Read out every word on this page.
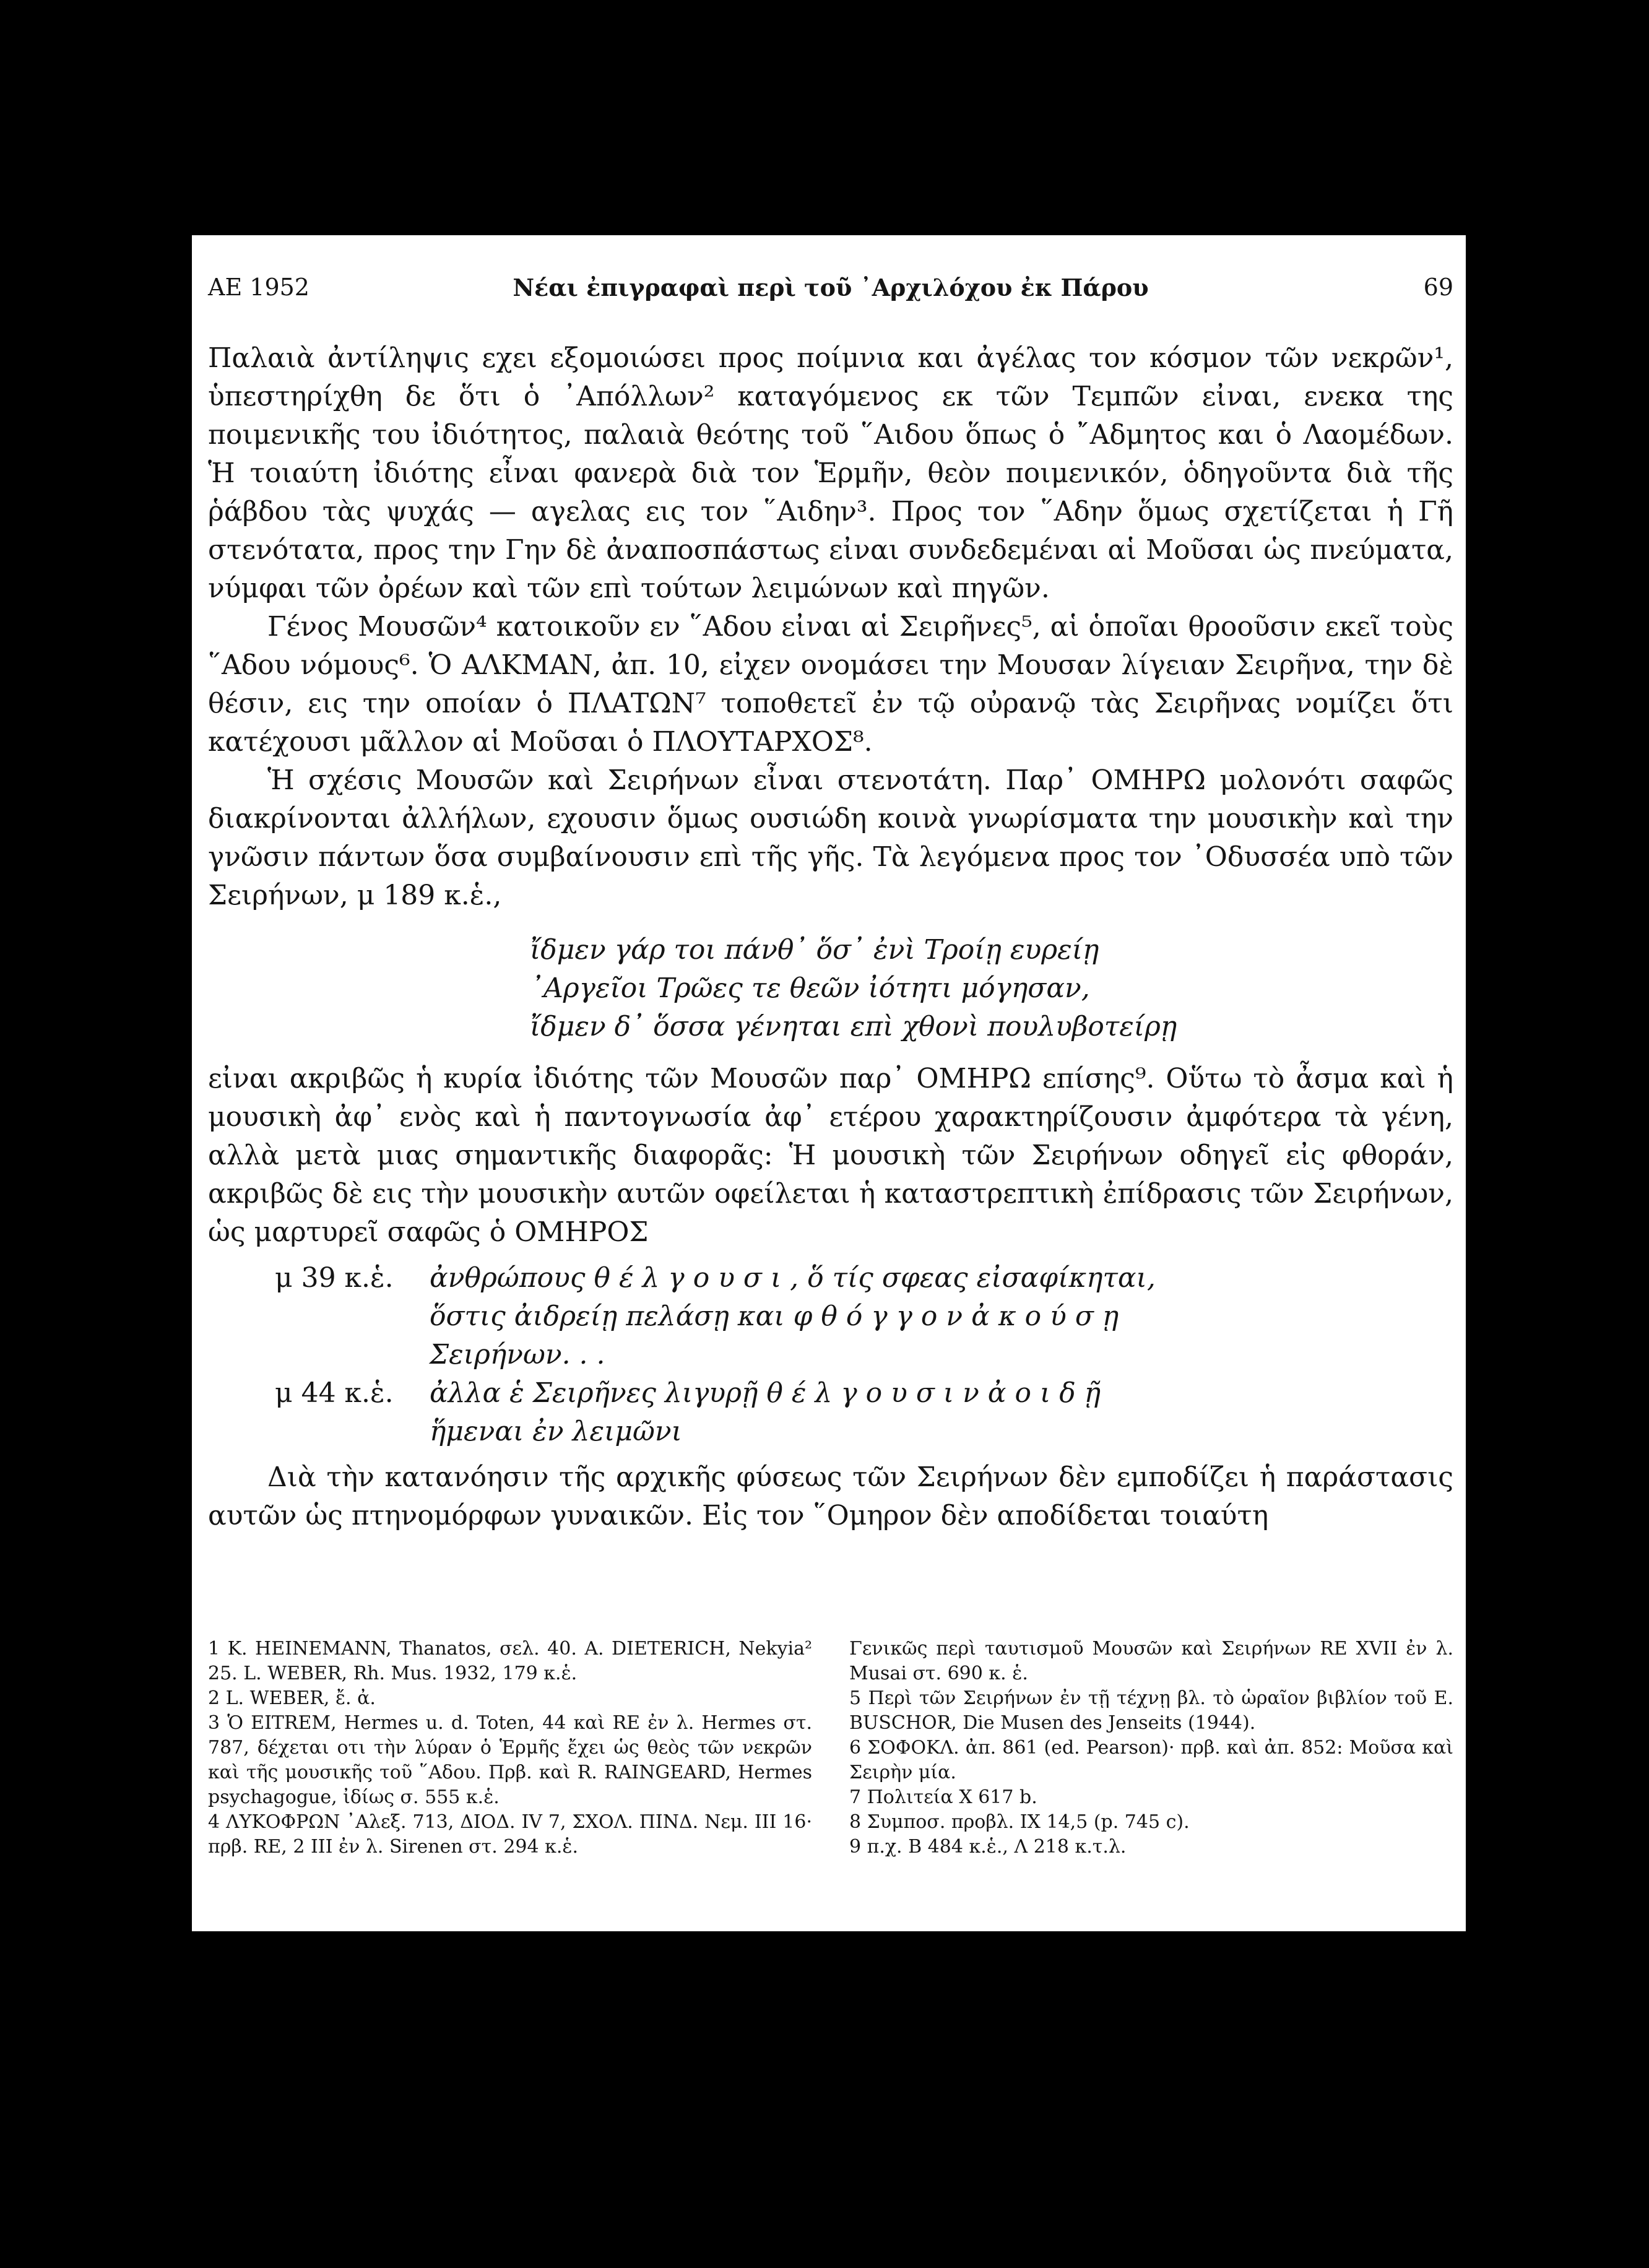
ΑΕ 1952	Νέαι ἐπιγραφαὶ περὶ τοῦ ᾿Αρχιλόχου ἐκ Πάρου	69

Παλαιὰ ἀντίληψις εχει εξομοιώσει προς ποίμνια και ἀγέλας τον κόσμον τῶν νεκρῶν¹, ὑπεστηρίχθη δε ὅτι ὁ ᾿Απόλλων² καταγόμενος εκ τῶν Τεμπῶν εἰναι, ενεκα της ποιμενικῆς του ἰδιότητος, παλαιὰ θεότης τοῦ ῞Αιδου ὅπως ὁ ῎Αδμητος και ὁ Λαομέδων. Ἡ τοιαύτη ἰδιότης εἶναι φανερὰ διὰ τον Ἑρμῆν, θεὸν ποιμενικόν, ὁδηγοῦντα διὰ τῆς ῥάβδου τὰς ψυχάς — αγελας εις τον ῞Αιδην³. Προς τον ῞Αδην ὅμως σχετίζεται ἡ Γῆ στενότατα, προς την Γην δὲ ἀναποσπάστως εἰναι συνδεδεμέναι αἱ Μοῦσαι ὡς πνεύματα, νύμφαι τῶν ὀρέων καὶ τῶν επὶ τούτων λειμώνων καὶ πηγῶν.

Γένος Μουσῶν⁴ κατοικοῦν εν ῞Αδου εἰναι αἱ Σειρῆνες⁵, αἱ ὁποῖαι θροοῦσιν εκεῖ τοὺς ῞Αδου νόμους⁶. Ὁ ΑΛΚΜΑΝ, ἀπ. 10, εἰχεν ονομάσει την Μουσαν λίγειαν Σειρῆνα, την δὲ θέσιν, εις την οποίαν ὁ ΠΛΑΤΩΝ⁷ τοποθετεῖ ἐν τῷ οὐρανῷ τὰς Σειρῆνας νομίζει ὅτι κατέχουσι μᾶλλον αἱ Μοῦσαι ὁ ΠΛΟΥΤΑΡΧΟΣ⁸.

Ἡ σχέσις Μουσῶν καὶ Σειρήνων εἶναι στενοτάτη. Παρ᾿ ΟΜΗΡΩ μολονότι σαφῶς διακρίνονται ἀλλήλων, εχουσιν ὅμως ουσιώδη κοινὰ γνωρίσματα την μουσικὴν καὶ την γνῶσιν πάντων ὅσα συμβαίνουσιν επὶ τῆς γῆς. Τὰ λεγόμενα προς τον ᾿Οδυσσέα υπὸ τῶν Σειρήνων, μ 189 κ.ἑ.,

ἴδμεν γάρ τοι πάνθ᾿ ὅσ᾿ ἐνὶ Τροίῃ ευρείῃ
᾿Αργεῖοι Τρῶες τε θεῶν ἰότητι μόγησαν,
ἴδμεν δ᾿ ὅσσα γένηται επὶ χθονὶ πουλυβοτείρῃ

εἰναι ακριβῶς ἡ κυρία ἰδιότης τῶν Μουσῶν παρ᾿ ΟΜΗΡΩ επίσης⁹. Οὕτω τὸ ἆσμα καὶ ἡ μουσικὴ ἀφ᾿ ενὸς καὶ ἡ παντογνωσία ἀφ᾿ ετέρου χαρακτηρίζουσιν ἀμφότερα τὰ γένη, αλλὰ μετὰ μιας σημαντικῆς διαφορᾶς: Ἡ μουσικὴ τῶν Σειρήνων οδηγεῖ εἰς φθοράν, ακριβῶς δὲ εις τὴν μουσικὴν αυτῶν οφείλεται ἡ καταστρεπτικὴ ἐπίδρασις τῶν Σειρήνων, ὡς μαρτυρεῖ σαφῶς ὁ ΟΜΗΡΟΣ

μ 39 κ.ἑ.	ἀνθρώπους θ έ λ γ ο υ σ ι , ὅ τίς σφεας εἰσαφίκηται,
ὅστις ἀιδρείῃ πελάσῃ και φ θ ό γ γ ο ν ἀ κ ο ύ σ ῃ
Σειρήνων. . .
μ 44 κ.ἑ.	ἀλλα ἑ Σειρῆνες λιγυρῇ θ έ λ γ ο υ σ ι ν ἀ ο ι δ ῇ
ἥμεναι ἐν λειμῶνι

Διὰ τὴν κατανόησιν τῆς αρχικῆς φύσεως τῶν Σειρήνων δὲν εμποδίζει ἡ παράστασις αυτῶν ὡς πτηνομόρφων γυναικῶν. Εἰς τον ῞Ομηρον δὲν αποδίδεται τοιαύτη

1 K. HEINEMANN, Thanatos, σελ. 40. A. DIETERICH, Nekyia² 25. L. WEBER, Rh. Mus. 1932, 179 κ.ἑ.
2 L. WEBER, ἔ. ἀ.
3 Ὁ EITREM, Hermes u. d. Toten, 44 καὶ RE ἐν λ. Hermes στ. 787, δέχεται οτι τὴν λύραν ὁ Ἑρμῆς ἔχει ὡς θεὸς τῶν νεκρῶν καὶ τῆς μουσικῆς τοῦ ῞Αδου. Πρβ. καὶ R. RAINGEARD, Hermes psychagogue, ἰδίως σ. 555 κ.ἑ.
4 ΛΥΚΟΦΡΩΝ ᾿Αλεξ. 713, ΔΙΟΔ. IV 7, ΣΧΟΛ. ΠΙΝΔ. Νεμ. III 16· πρβ. RE, 2 III ἐν λ. Sirenen στ. 294 κ.ἑ.
Γενικῶς περὶ ταυτισμοῦ Μουσῶν καὶ Σειρήνων RE XVII ἐν λ. Musai στ. 690 κ. ἑ.
5 Περὶ τῶν Σειρήνων ἐν τῇ τέχνῃ βλ. τὸ ὡραῖον βιβλίον τοῦ E. BUSCHOR, Die Musen des Jenseits (1944).
6 ΣΟΦΟΚΛ. ἀπ. 861 (ed. Pearson)· πρβ. καὶ ἀπ. 852: Μοῦσα καὶ Σειρὴν μία.
7 Πολιτεία X 617 b.
8 Συμποσ. προβλ. IX 14,5 (p. 745 c).
9 π.χ. B 484 κ.ἑ., Λ 218 κ.τ.λ.
